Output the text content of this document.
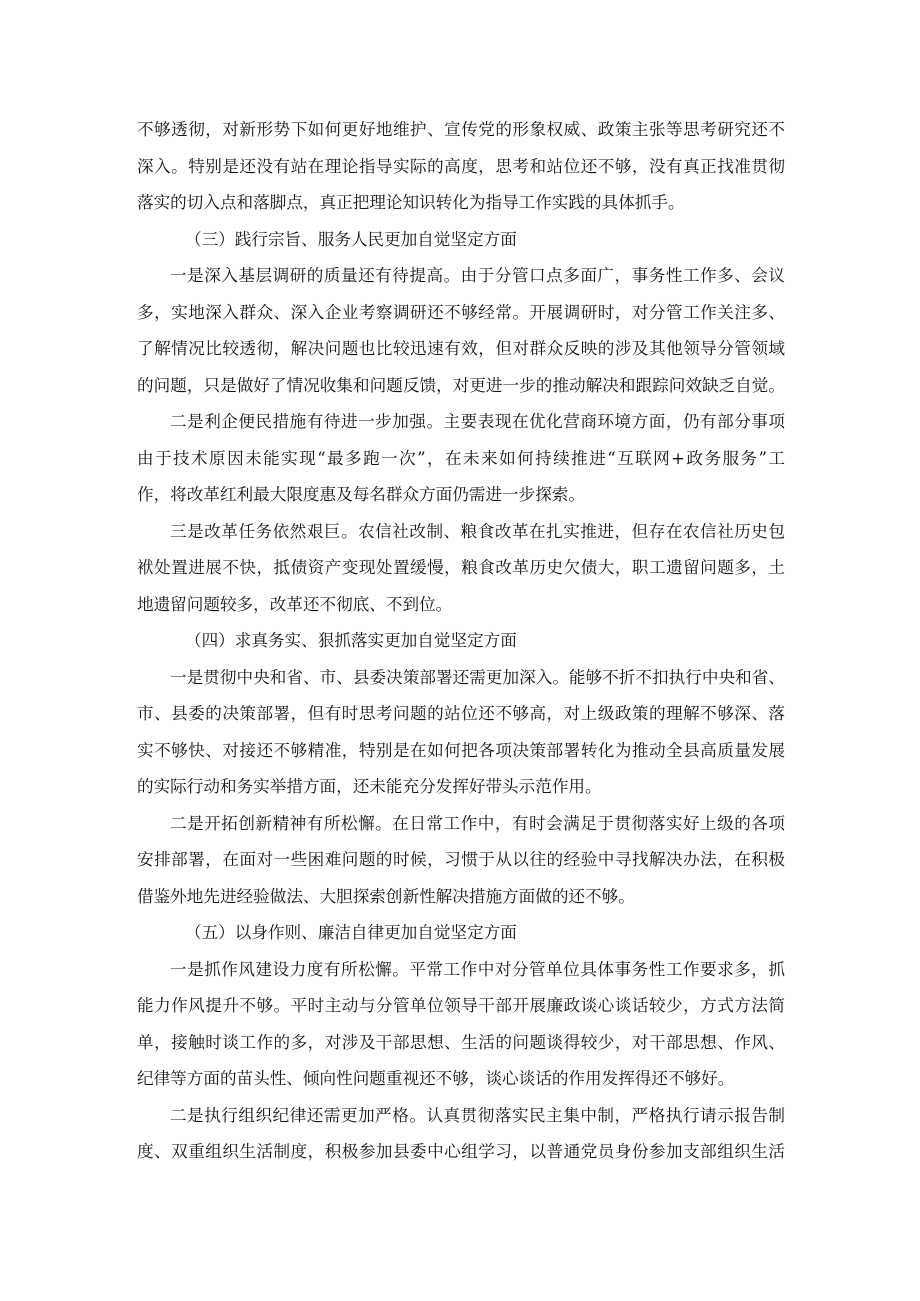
不够透彻，对新形势下如何更好地维护、宣传党的形象权威、政策主张等思考研究还不
深入。特别是还没有站在理论指导实际的高度，思考和站位还不够，没有真正找准贯彻
落实的切入点和落脚点，真正把理论知识转化为指导工作实践的具体抓手。
（三）践行宗旨、服务人民更加自觉坚定方面
一是深入基层调研的质量还有待提高。由于分管口点多面广，事务性工作多、会议
多，实地深入群众、深入企业考察调研还不够经常。开展调研时，对分管工作关注多、
了解情况比较透彻，解决问题也比较迅速有效，但对群众反映的涉及其他领导分管领域
的问题，只是做好了情况收集和问题反馈，对更进一步的推动解决和跟踪问效缺乏自觉。
二是利企便民措施有待进一步加强。主要表现在优化营商环境方面，仍有部分事项
由于技术原因未能实现“最多跑一次”，在未来如何持续推进“互联网+政务服务”工
作，将改革红利最大限度惠及每名群众方面仍需进一步探索。
三是改革任务依然艰巨。农信社改制、粮食改革在扎实推进，但存在农信社历史包
袱处置进展不快，抵债资产变现处置缓慢，粮食改革历史欠债大，职工遗留问题多，土
地遗留问题较多，改革还不彻底、不到位。
（四）求真务实、狠抓落实更加自觉坚定方面
一是贯彻中央和省、市、县委决策部署还需更加深入。能够不折不扣执行中央和省、
市、县委的决策部署，但有时思考问题的站位还不够高，对上级政策的理解不够深、落
实不够快、对接还不够精准，特别是在如何把各项决策部署转化为推动全县高质量发展
的实际行动和务实举措方面，还未能充分发挥好带头示范作用。
二是开拓创新精神有所松懈。在日常工作中，有时会满足于贯彻落实好上级的各项
安排部署，在面对一些困难问题的时候，习惯于从以往的经验中寻找解决办法，在积极
借鉴外地先进经验做法、大胆探索创新性解决措施方面做的还不够。
（五）以身作则、廉洁自律更加自觉坚定方面
一是抓作风建设力度有所松懈。平常工作中对分管单位具体事务性工作要求多，抓
能力作风提升不够。平时主动与分管单位领导干部开展廉政谈心谈话较少，方式方法简
单，接触时谈工作的多，对涉及干部思想、生活的问题谈得较少，对干部思想、作风、
纪律等方面的苗头性、倾向性问题重视还不够，谈心谈话的作用发挥得还不够好。
二是执行组织纪律还需更加严格。认真贯彻落实民主集中制，严格执行请示报告制
度、双重组织生活制度，积极参加县委中心组学习，以普通党员身份参加支部组织生活
